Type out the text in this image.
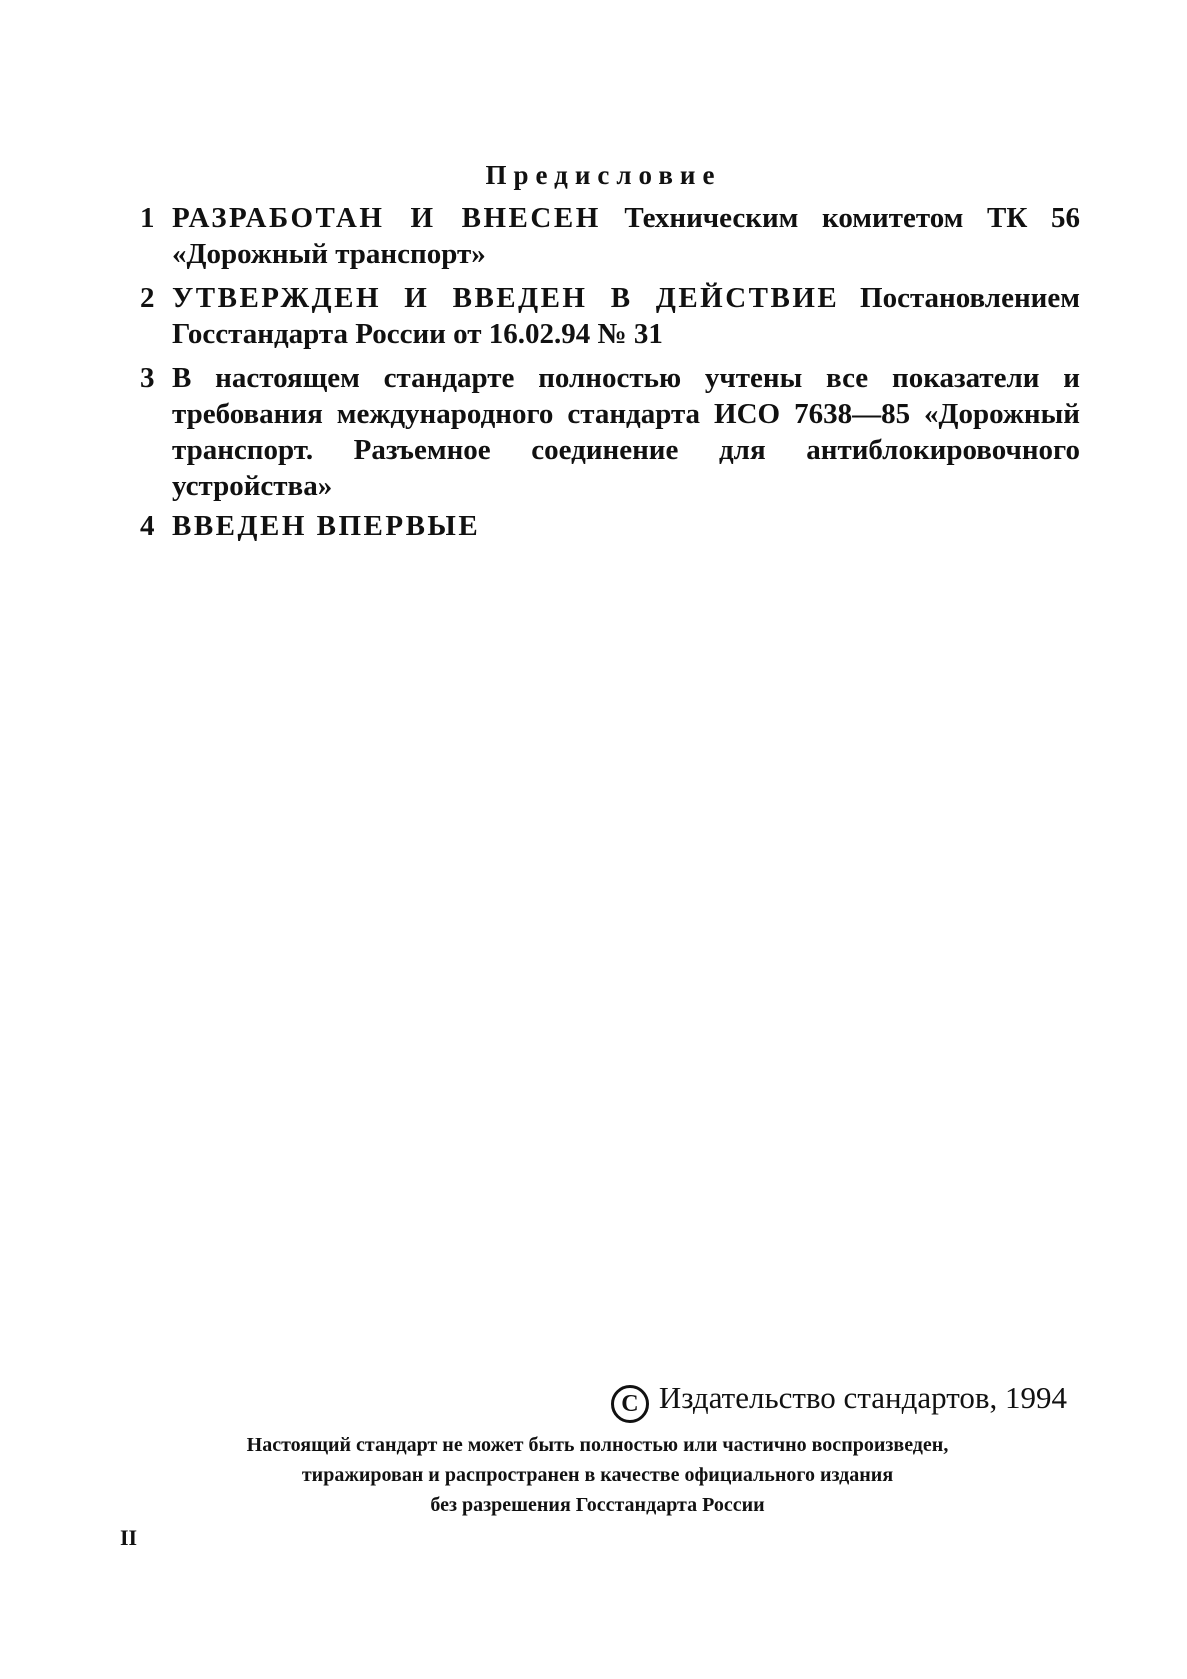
Предисловие
1 РАЗРАБОТАН И ВНЕСЕН Техническим комитетом ТК 56 «Дорожный транспорт»
2 УТВЕРЖДЕН И ВВЕДЕН В ДЕЙСТВИЕ Постановлением Госстандарта России от 16.02.94 № 31
3 В настоящем стандарте полностью учтены все показатели и требования международного стандарта ИСО 7638—85 «Дорожный транспорт. Разъемное соединение для антиблокировочного устройства»
4 ВВЕДЕН ВПЕРВЫЕ
C Издательство стандартов, 1994
Настоящий стандарт не может быть полностью или частично воспроизведен,
тиражирован и распространен в качестве официального издания
без разрешения Госстандарта России
II
